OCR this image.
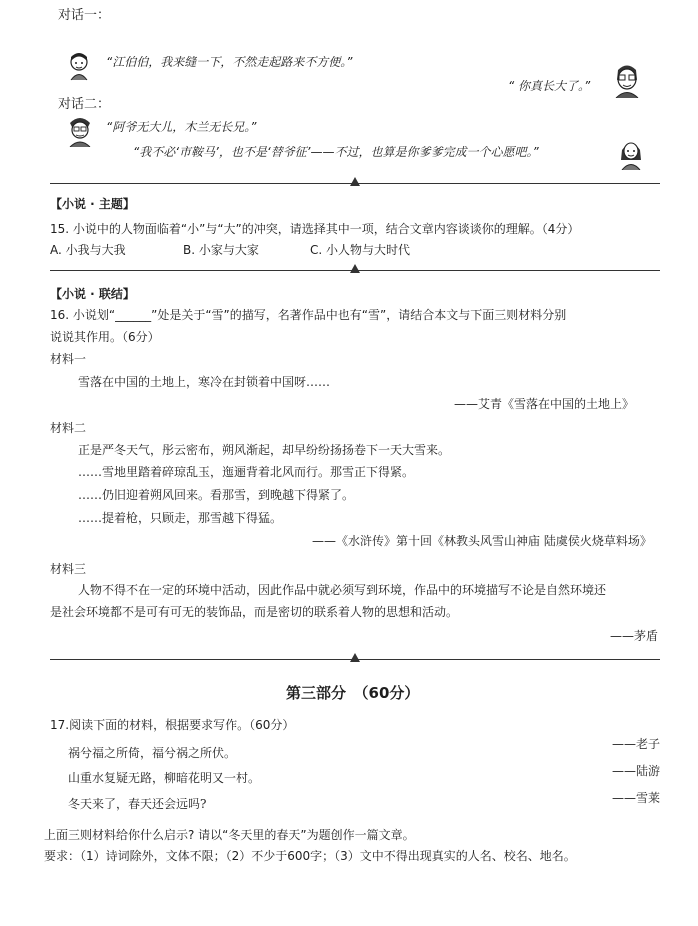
对话一：
“江伯伯，我来缝一下，不然走起路来不方便。”
“ 你真长大了。”
对话二：
“阿爷无大儿，木兰无长兄。”
“我不必‘市鞍马’，也不是‘替爷征’——不过，也算是你爹爹完成一个心愿吧。”
【小说 · 主题】
15. 小说中的人物面临着“小”与“大”的冲突，请选择其中一项，结合文章内容谈谈你的理解。（4分）
A. 小我与大我	B. 小家与大家	C. 小人物与大时代
【小说 · 联结】
16. 小说划“______”处是关于“雪”的描写，名著作品中也有“雪”，请结合本文与下面三则材料分别
说说其作用。（6分）
材料一
雪落在中国的土地上，寒冷在封锁着中国呀……
——艾青《雪落在中国的土地上》
材料二
正是严冬天气，彤云密布，朔风渐起，却早纷纷扬扬卷下一天大雪来。
……雪地里踏着碎琼乱玉，迤逦背着北风而行。那雪正下得紧。
……仍旧迎着朔风回来。看那雪，到晚越下得紧了。
……提着枪，只顾走，那雪越下得猛。
——《水浒传》第十回《林教头风雪山神庙 陆虞侯火烧草料场》
材料三
人物不得不在一定的环境中活动，因此作品中就必须写到环境，作品中的环境描写不论是自然环境还
是社会环境都不是可有可无的装饰品，而是密切的联系着人物的思想和活动。
——茅盾
第三部分　（60分）
17.阅读下面的材料，根据要求写作。（60分）
——老子
祸兮福之所倚，福兮祸之所伏。
——陆游
山重水复疑无路，柳暗花明又一村。
——雪莱
冬天来了，春天还会远吗?
上面三则材料给你什么启示? 请以“冬天里的春天”为题创作一篇文章。
要求：（1）诗词除外，文体不限；（2）不少于600字；（3）文中不得出现真实的人名、校名、地名。
